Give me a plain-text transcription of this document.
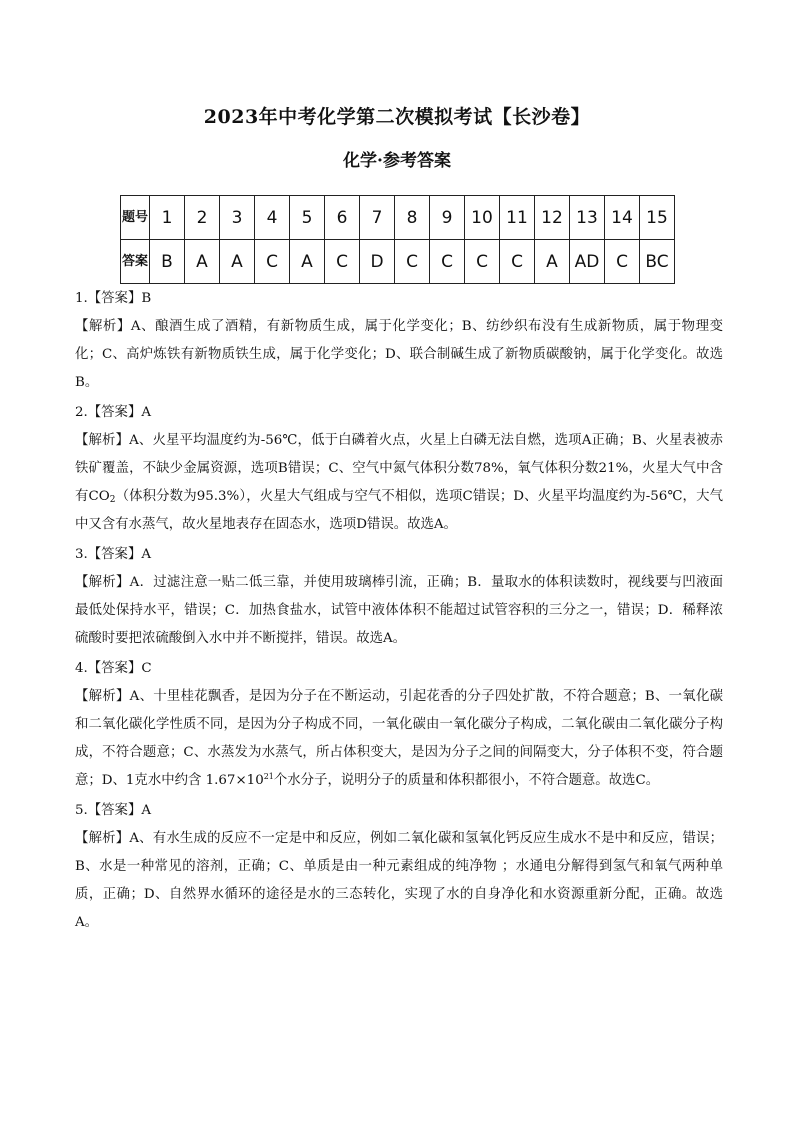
2023年中考化学第二次模拟考试【长沙卷】
化学·参考答案
题号	1	2	3	4	5	6	7	8	9	10	11	12	13	14	15
答案	B	A	A	C	A	C	D	C	C	C	C	A	AD	C	BC

1.【答案】B

【解析】A、酿酒生成了酒精，有新物质生成，属于化学变化；B、纺纱织布没有生成新物质，属于物理变化；C、高炉炼铁有新物质铁生成，属于化学变化；D、联合制碱生成了新物质碳酸钠，属于化学变化。故选B。

2.【答案】A

【解析】A、火星平均温度约为-56℃，低于白磷着火点，火星上白磷无法自燃，选项A正确；B、火星表被赤铁矿覆盖，不缺少金属资源，选项B错误；C、空气中氮气体积分数78%，氧气体积分数21%，火星大气中含有$CO_2$（体积分数为95.3%），火星大气组成与空气不相似，选项C错误；D、火星平均温度约为-56℃，大气中又含有水蒸气，故火星地表存在固态水，选项D错误。故选A。

3.【答案】A

【解析】A．过滤注意一贴二低三靠，并使用玻璃棒引流，正确；B．量取水的体积读数时，视线要与凹液面最低处保持水平，错误；C．加热食盐水，试管中液体体积不能超过试管容积的三分之一，错误；D．稀释浓硫酸时要把浓硫酸倒入水中并不断搅拌，错误。故选A。

4.【答案】C

【解析】A、十里桂花飘香，是因为分子在不断运动，引起花香的分子四处扩散，不符合题意；B、一氧化碳和二氧化碳化学性质不同，是因为分子构成不同，一氧化碳由一氧化碳分子构成，二氧化碳由二氧化碳分子构成，不符合题意；C、水蒸发为水蒸气，所占体积变大，是因为分子之间的间隔变大，分子体积不变，符合题意；D、1克水中约含 $1.67\times 10^{21}$个水分子，说明分子的质量和体积都很小，不符合题意。故选C。

5.【答案】A

【解析】A、有水生成的反应不一定是中和反应，例如二氧化碳和氢氧化钙反应生成水不是中和反应，错误；B、水是一种常见的溶剂，正确；C、单质是由一种元素组成的纯净物 ；水通电分解得到氢气和氧气两种单质，正确；D、自然界水循环的途径是水的三态转化，实现了水的自身净化和水资源重新分配，正确。故选A。
